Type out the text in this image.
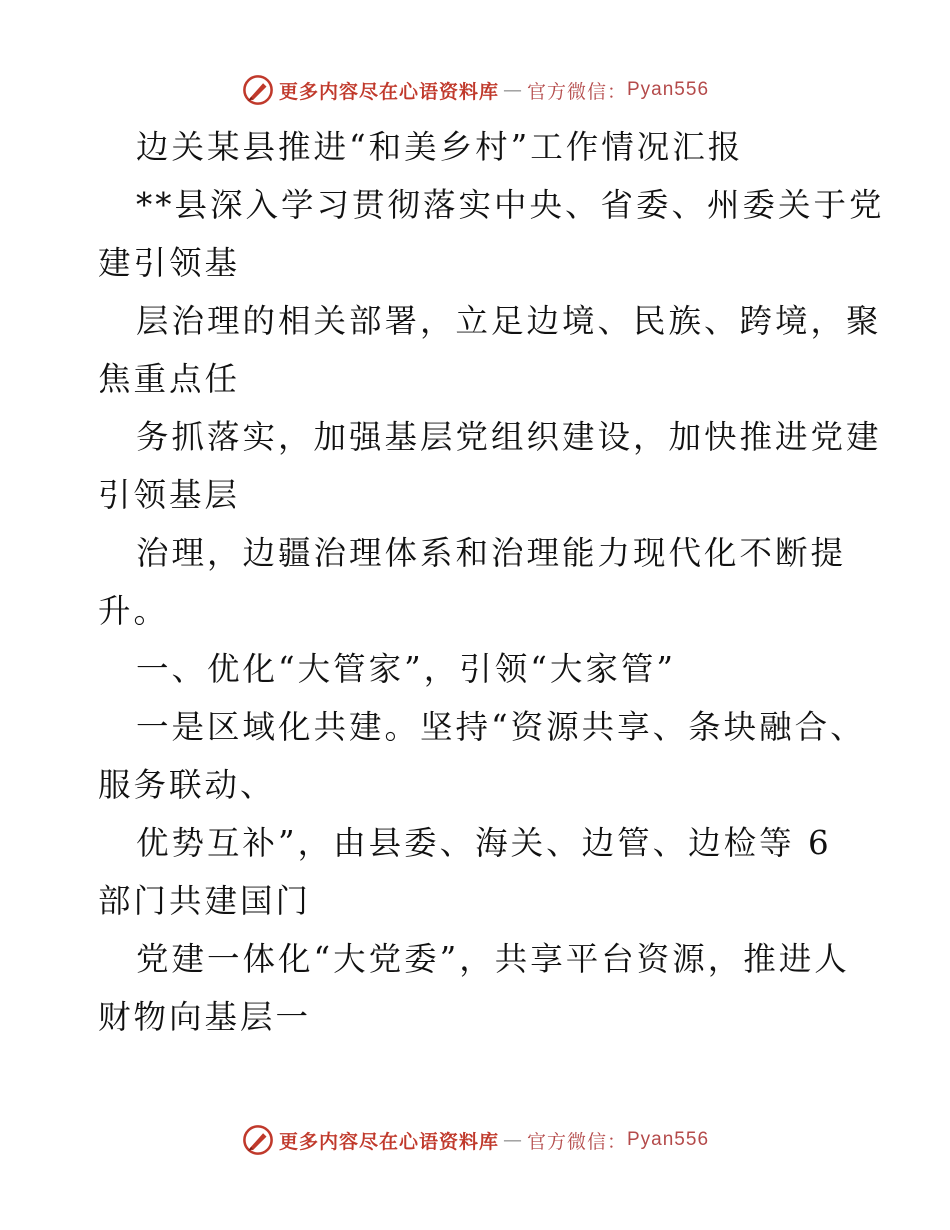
更多内容尽在心语资料库 — 官方微信： Pyan556
边关某县推进“和美乡村”工作情况汇报
**县深入学习贯彻落实中央、省委、州委关于党
建引领基
层治理的相关部署，立足边境、民族、跨境，聚
焦重点任
务抓落实，加强基层党组织建设，加快推进党建
引领基层
治理，边疆治理体系和治理能力现代化不断提
升。
一、优化“大管家”，引领“大家管”
一是区域化共建。坚持“资源共享、条块融合、
服务联动、
优势互补”，由县委、海关、边管、边检等 6
部门共建国门
党建一体化“大党委”，共享平台资源，推进人
财物向基层一
更多内容尽在心语资料库 — 官方微信： Pyan556
